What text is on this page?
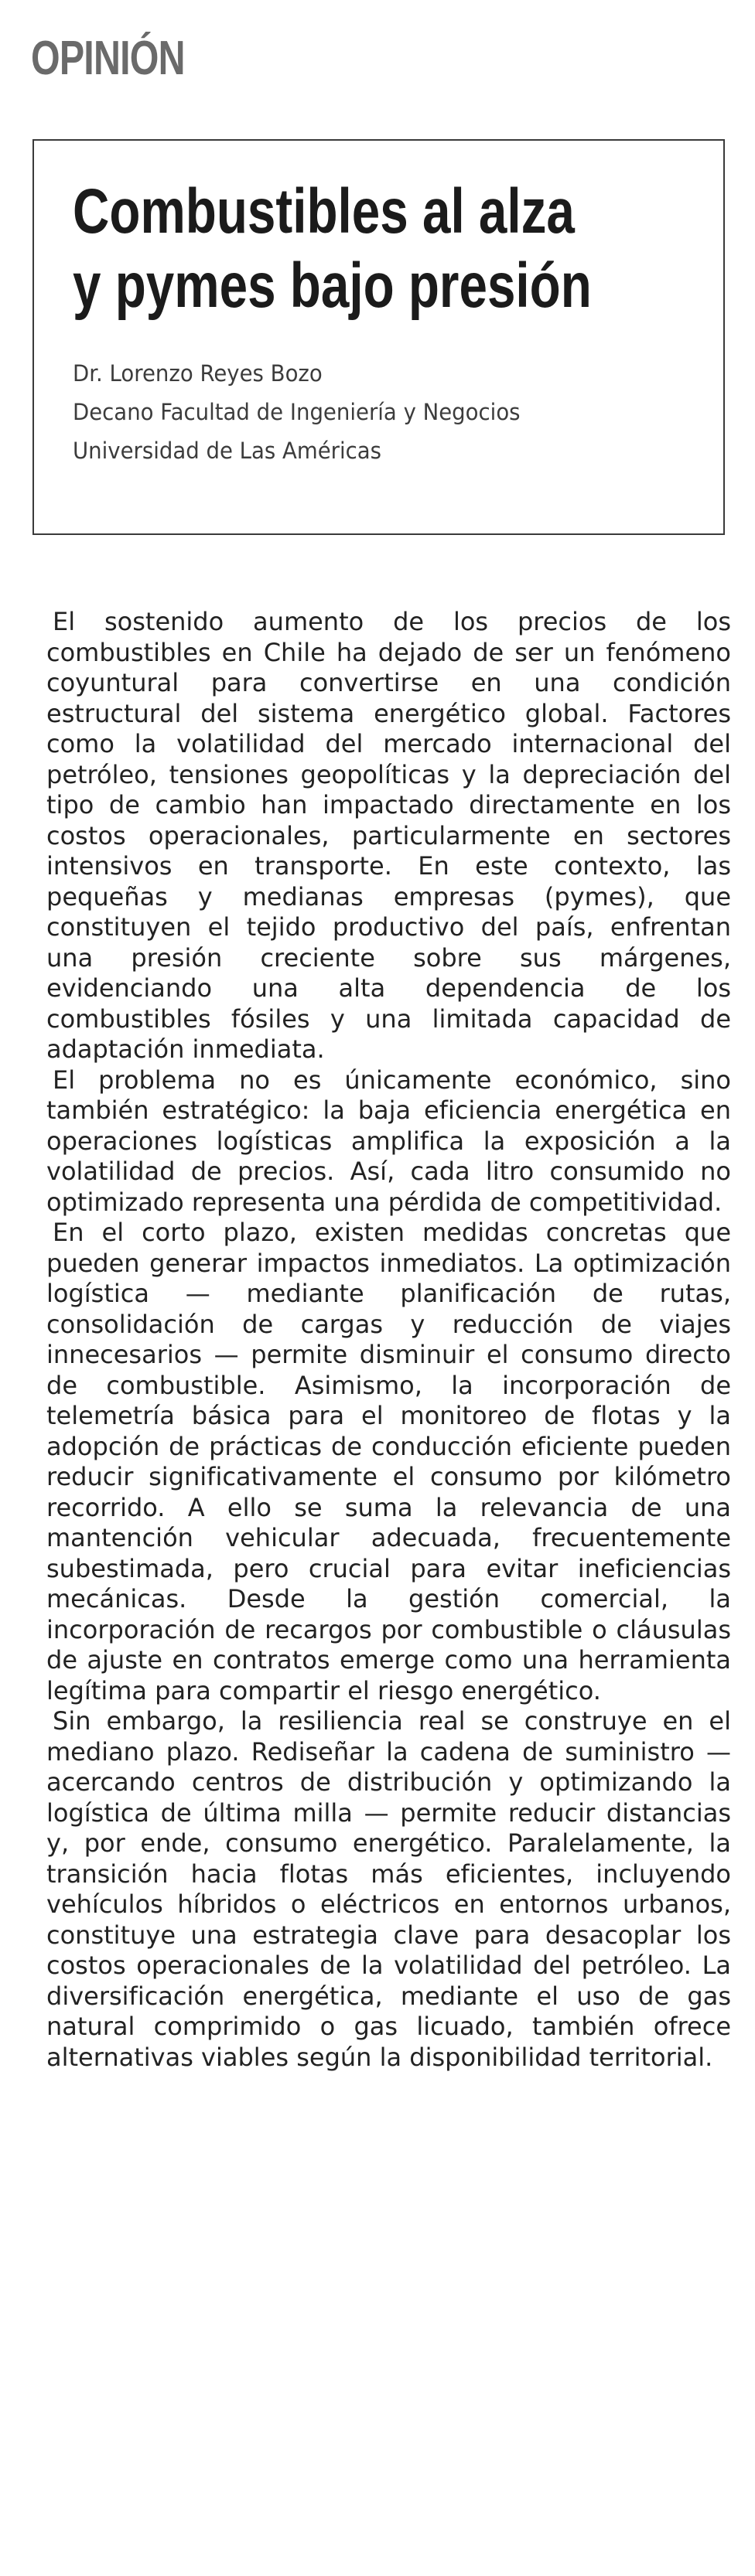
OPINIÓN
Combustibles al alza
y pymes bajo presión
Dr. Lorenzo Reyes Bozo
Decano Facultad de Ingeniería y Negocios
Universidad de Las Américas

El sostenido aumento de los precios de los combustibles en Chile ha dejado de ser un fenómeno coyuntural para convertirse en una condición estructural del sistema energético global. Factores como la volatilidad del mercado internacional del petróleo, tensiones geopolíticas y la depreciación del tipo de cambio han impactado directamente en los costos operacionales, particularmente en sectores intensivos en transporte. En este contexto, las pequeñas y medianas empresas (pymes), que constituyen el tejido productivo del país, enfrentan una presión creciente sobre sus márgenes, evidenciando una alta dependencia de los combustibles fósiles y una limitada capacidad de adaptación inmediata.

El problema no es únicamente económico, sino también estratégico: la baja eficiencia energética en operaciones logísticas amplifica la exposición a la volatilidad de precios. Así, cada litro consumido no optimizado representa una pérdida de competitividad.

En el corto plazo, existen medidas concretas que pueden generar impactos inmediatos. La optimización logística — mediante planificación de rutas, consolidación de cargas y reducción de viajes innecesarios — permite disminuir el consumo directo de combustible. Asimismo, la incorporación de telemetría básica para el monitoreo de flotas y la adopción de prácticas de conducción eficiente pueden reducir significativamente el consumo por kilómetro recorrido. A ello se suma la relevancia de una mantención vehicular adecuada, frecuentemente subestimada, pero crucial para evitar ineficiencias mecánicas. Desde la gestión comercial, la incorporación de recargos por combustible o cláusulas de ajuste en contratos emerge como una herramienta legítima para compartir el riesgo energético.

Sin embargo, la resiliencia real se construye en el mediano plazo. Rediseñar la cadena de suministro — acercando centros de distribución y optimizando la logística de última milla — permite reducir distancias y, por ende, consumo energético. Paralelamente, la transición hacia flotas más eficientes, incluyendo vehículos híbridos o eléctricos en entornos urbanos, constituye una estrategia clave para desacoplar los costos operacionales de la volatilidad del petróleo. La diversificación energética, mediante el uso de gas natural comprimido o gas licuado, también ofrece alternativas viables según la disponibilidad territorial.
